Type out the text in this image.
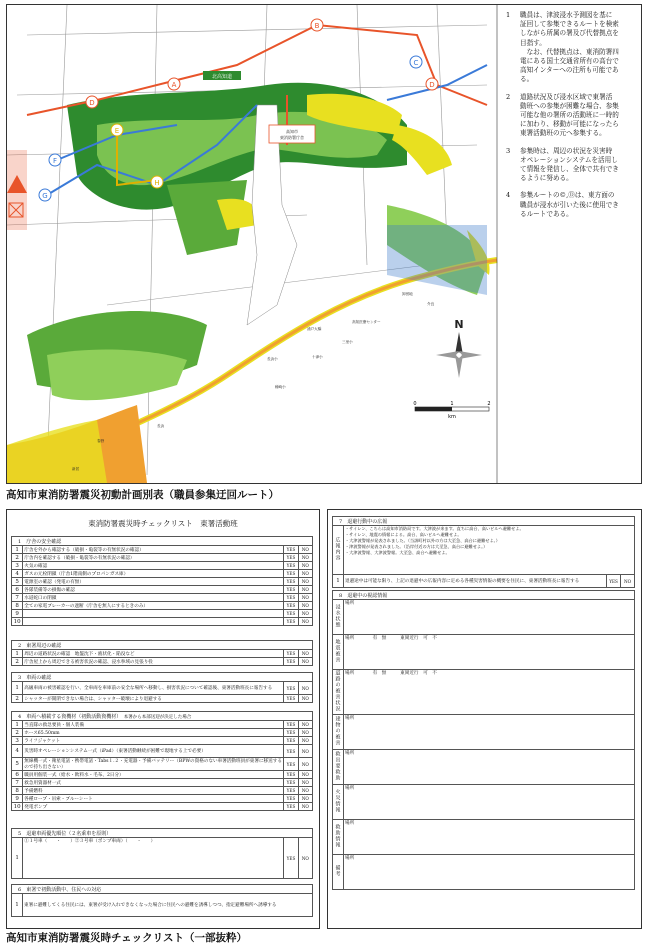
北高知道
高知市
東消防署庁舎
A
B
C
D
D
E
F
G
H
卸団地
介良
高知医療センター
浦戸大橋
十津小
三里小
種崎小
長浜小
長浜
春野
新居
N
0	1	2
km
1 職員は、津波浸水予測図を基に
証回して参集できるルートを検索
しながら所属の署及び代替拠点を
目指す。
　なお、代替拠点は、東消防署四
電にある国土交通省所有の高台で
高知インターへの注所も可能であ
る。
2 道路状況及び浸水区域で東署活
動班への参集が困難な場合、参集
可能な他の署所の活動班に一時的
に加わり、移動が可能になったら
東署活動班の元へ参集する。
3 参集時は、周辺の状況を災害時
オペレーションシステムを活用し
て情報を発信し、全体で共有でき
るように努める。
4 参集ルートの©,Ⓓは、東方面の
職員が浸水が引いた後に使用でき
るルートである。
高知市東消防署震災初動計画別表（職員参集迂回ルート）
東消防署震災時チェックリスト　東署活動班
1　 庁舎の安全確認			
1	庁舎を外から確認する（破損・亀裂等の有無状況の確認）	YES	NO
2	庁舎内を確認する（破損・亀裂等の有無状況の確認）	YES	NO
3	火気の確認	YES	NO
4	ガスの元栓閉鎖（庁舎1階南側のプロパンガス庫）	YES	NO
5	電源室の確認（発電の有無）	YES	NO
6	各隊装備等の損傷の確認	YES	NO
7	水道蛇口の閉鎖	YES	NO
8	全ての家電ブレーカーの遮断（庁舎を無人にするときのみ）	YES	NO
9		YES	NO
10		YES	NO
2　 東署周辺の確認			
1	周辺の道路状況の確認　地盤沈下・液状化・陥没など	YES	NO
2	庁舎屋上から周辺できる被害状況の確認、浸水拳域の見張り役	YES	NO
3　 車両の確認			
1	高級車両の被害確認を行い、全車両を車庫前の安全な場所へ移動し、損害状況について確認後、東署活動班長に報告する	YES	NO
2	シャッターが開閉できない場合は、シャッター破壊により退避する	YES	NO
4　 車両へ積載する資機材（初動活動資機材）　 本署から本部送迎が決定した場合			
1	当直隊の救急要員・個人装備	YES	NO
2	ホース65.50mm	YES	NO
3	ライフジャケット	YES	NO
4	災害時オペレーションシステム一式（iPad）（東署活動継続が困難で現地する上で必要）	YES	NO
5	無線機一式・衛星電話・携帯電話・Tabs１.２・充電器・予備バッテリー（BPWの資格のない車署活動班員が東署に移送するので持ち出さない）	YES	NO
6	職員用個装一式（給水・飲料水・毛布、2日分）	YES	NO
7	救急用資器材一式	YES	NO
8	予備燃料	YES	NO
9	各種ロープ・吊索・ブルーシート	YES	NO
10	発電ポンプ	YES	NO
5　 退避車両優先順位（２名乗車を原則）
1	①１号車（　　・　　）②３号車（ポンプ車両）（　　・　　）	YES	NO
6　 東署で初動活動中、住民への対応
1	東署に避難してくる住民には、東署が受け入れできなくなった場合に住民への避難を誘導しつつ、指定避難場所へ誘導する
7　 退避行動中の広報			
広報内容	・サイレン、こちらは高知市消防局です。大津波が来ます。直ちに高台、高いビルへ避難せよ。
・サイレン、地震の情報による。高台、高いビルへ避難せよ。
・大津波警報が発表されました。（当該町村以外の方は大至急、高台に避難せよ。）
・津波警報が発表されました。（沿岸付近の方は大至急、高台に避難せよ。）
・大津波警報、大津波警報。大至急、高台へ避難せよ。		

1	退避途中は可能な限り、上記の退避中の広報内容に定める各種災害情報の概要を住民に、東署活動班長に報告する	YES	NO
8　 退避中の視認情報	
浸水状態	場所
地震被害	場所　　　　有　無　　　東岡近行　可　不
道路の被害状況	場所　　　　有　無　　　東岡近行　可　不
建物の被害	場所
救出要救助	場所
火災情報	場所
救助情報	場所
備考	場所
高知市東消防署震災時チェックリスト（一部抜粋）
